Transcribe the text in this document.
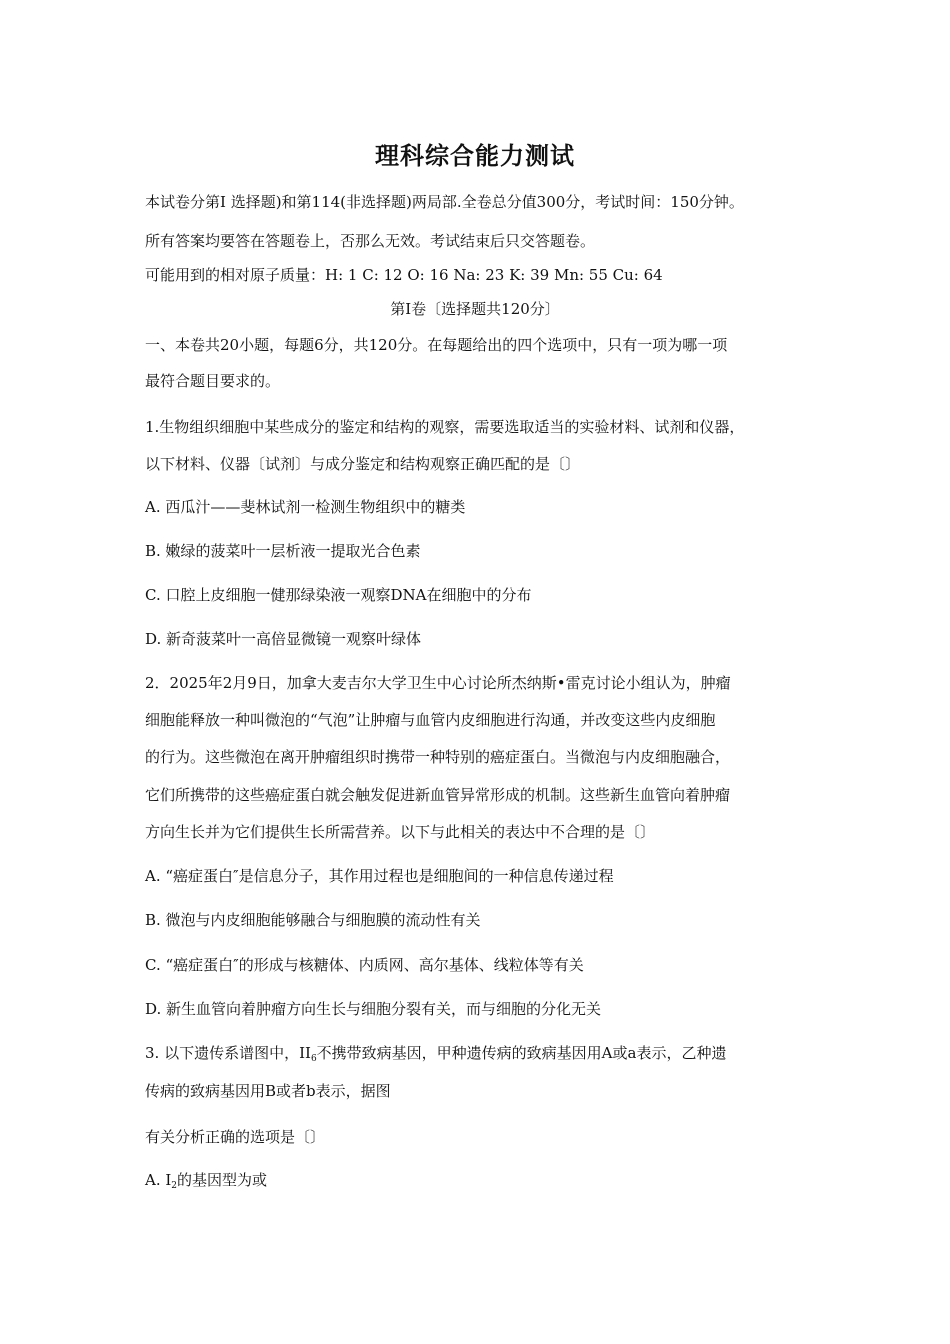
理科综合能力测试
本试卷分第Ⅰ 选择题)和第114(非选择题)两局部.全卷总分值300分，考试时间：150分钟。
所有答案均要答在答题卷上，否那么无效。考试结束后只交答题卷。
可能用到的相对原子质量：H: 1 C: 12 O: 16 Na: 23 K: 39 Mn: 55 Cu: 64
第Ⅰ卷〔选择题共120分〕
一、本卷共20小题，每题6分，共120分。在每题给出的四个选项中，只有一项为哪一项
最符合题目要求的。
1.生物组织细胞中某些成分的鉴定和结构的观察，需要选取适当的实验材料、试剂和仪器，
以下材料、仪器〔试剂〕与成分鉴定和结构观察正确匹配的是〔〕
A. 西瓜汁——斐林试剂一检测生物组织中的糖类
B. 嫩绿的菠菜叶一层析液一提取光合色素
C. 口腔上皮细胞一健那绿染液一观察DNA在细胞中的分布
D. 新奇菠菜叶一高倍显微镜一观察叶绿体
2．2025年2月9日，加拿大麦吉尔大学卫生中心讨论所杰纳斯•雷克讨论小组认为，肿瘤
细胞能释放一种叫微泡的“气泡”让肿瘤与血管内皮细胞进行沟通，并改变这些内皮细胞
的行为。这些微泡在离开肿瘤组织时携带一种特别的癌症蛋白。当微泡与内皮细胞融合，
它们所携带的这些癌症蛋白就会触发促进新血管异常形成的机制。这些新生血管向着肿瘤
方向生长并为它们提供生长所需营养。以下与此相关的表达中不合理的是〔〕
A. “癌症蛋白″是信息分子，其作用过程也是细胞间的一种信息传递过程
B. 微泡与内皮细胞能够融合与细胞膜的流动性有关
C. “癌症蛋白″的形成与核糖体、内质网、高尔基体、线粒体等有关
D. 新生血管向着肿瘤方向生长与细胞分裂有关，而与细胞的分化无关
3. 以下遗传系谱图中，$II_6$不携带致病基因，甲种遗传病的致病基因用A或a表示，乙种遗
传病的致病基因用B或者b表示，据图
有关分析正确的选项是〔〕
A. $I_2$的基因型为或
